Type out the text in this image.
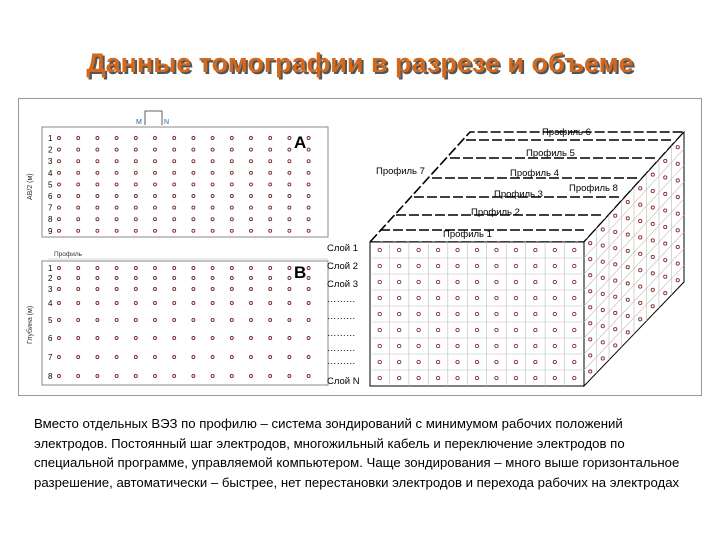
Данные томографии в разрезе и объеме
1
2
3
4
5
6
7
8
9
A
AB/2 (м)
M	N
Профиль
1
2
3
4
5
6
7
8
B
Глубина (м)
Профиль 1
Профиль 2
Профиль 3
Профиль 4
Профиль 5
Профиль 6
Профиль 7
Профиль 8
Слой 1
Слой 2
Слой 3
………
………
………
………
………
Слой N

Вместо отдельных ВЭЗ по профилю – система зондирований с минимумом рабочих положений электродов. Постоянный шаг электродов, многожильный кабель и переключение электродов по специальной программе, управляемой компьютером. Чаще зондирования – много выше горизонтальное разрешение, автоматически – быстрее, нет перестановки электродов и перехода рабочих на электродах
